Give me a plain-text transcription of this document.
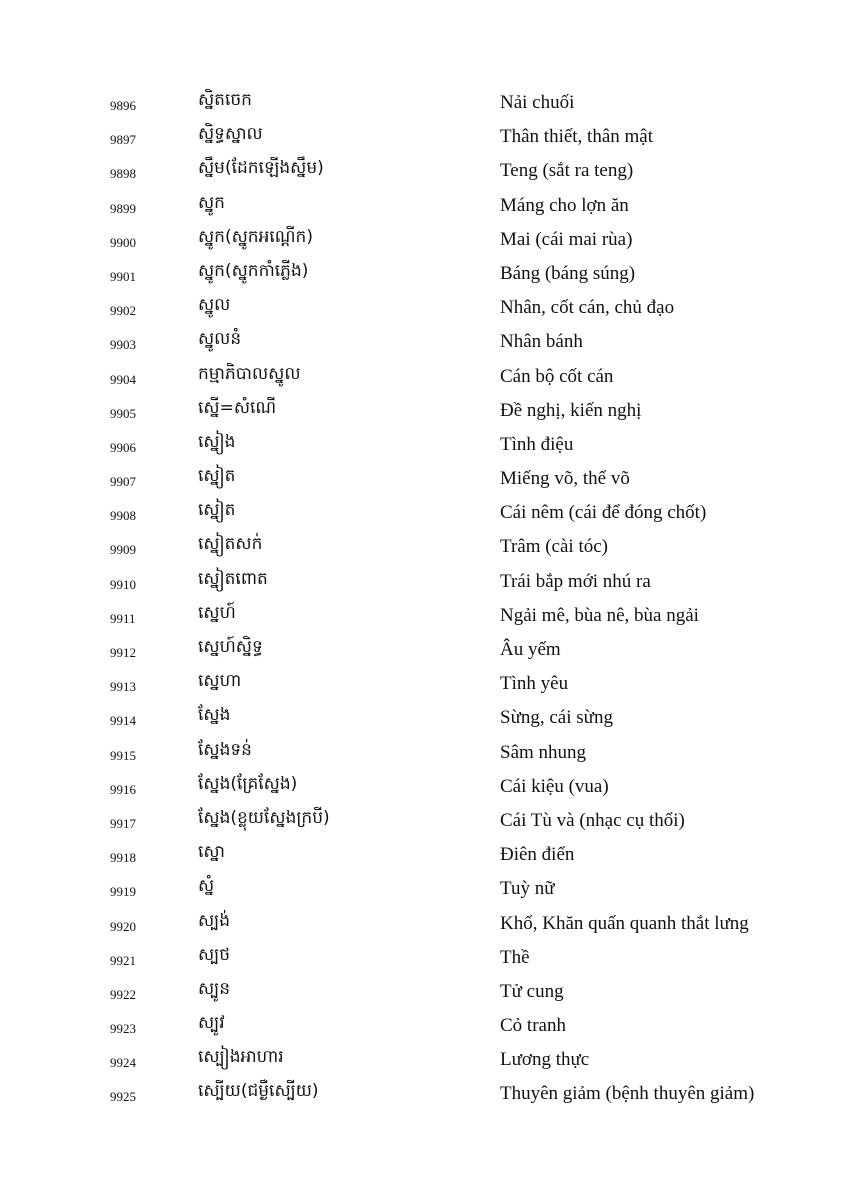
9896	ស្និតចេក	Nải chuối
9897	ស្និទ្ធស្នាល	Thân thiết, thân mật
9898	ស្នឹម(ដែកឡើងស្នឹម)	Teng (sắt ra teng)
9899	ស្នូក	Máng cho lợn ăn
9900	ស្នូក(ស្នូកអណ្ដើក)	Mai (cái mai rùa)
9901	ស្នូក(ស្នូកកាំភ្លើង)	Báng (báng súng)
9902	ស្នូល	Nhân, cốt cán, chủ đạo
9903	ស្នូលនំ	Nhân bánh
9904	កម្មាភិបាលស្នូល	Cán bộ cốt cán
9905	ស្នើ=សំណើ	Đề nghị, kiến nghị
9906	ស្នៀង	Tình điệu
9907	ស្នៀត	Miếng võ, thế võ
9908	ស្នៀត	Cái nêm (cái để đóng chốt)
9909	ស្នៀតសក់	Trâm (cài tóc)
9910	ស្នៀតពោត	Trái bắp mới nhú ra
9911	ស្នេហ៍	Ngải mê, bùa nê, bùa ngải
9912	ស្នេហ៍ស្និទ្ធ	Âu yếm
9913	ស្នេហា	Tình yêu
9914	ស្នែង	Sừng, cái sừng
9915	ស្នែងទន់	Sâm nhung
9916	ស្នែង(គ្រែស្នែង)	Cái kiệu (vua)
9917	ស្នែង(ខ្លុយស្នែងក្របី)	Cái Tù và (nhạc cụ thổi)
9918	ស្នោ	Điên điển
9919	ស្នំ	Tuỳ nữ
9920	ស្បង់	Khố, Khăn quấn quanh thắt lưng
9921	ស្បថ	Thề
9922	ស្បូន	Tử cung
9923	ស្បូវ	Cỏ tranh
9924	ស្បៀងអាហារ	Lương thực
9925	ស្បើយ(ជម្ងឺស្បើយ)	Thuyên giảm (bệnh thuyên giảm)
